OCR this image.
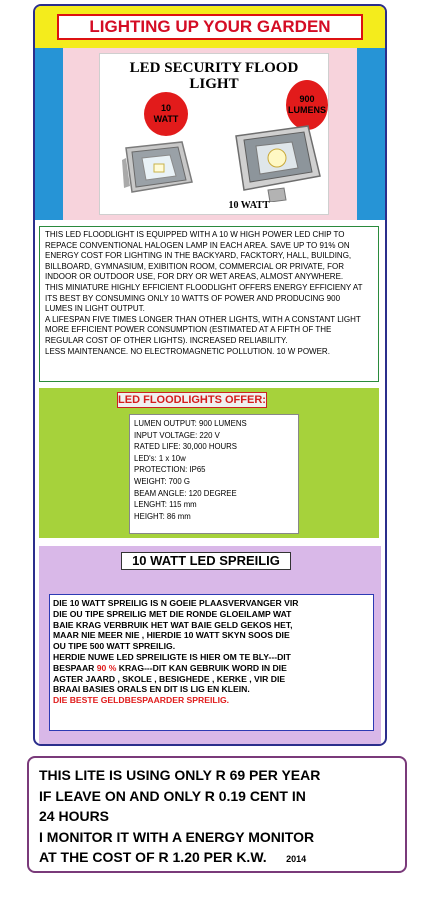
LIGHTING UP YOUR GARDEN
LED SECURITY FLOOD
LIGHT
10
WATT
900
LUMENS
10 WATT
THIS LED FLOODLIGHT IS EQUIPPED WITH A 10 W HIGH POWER LED CHIP TO
REPACE CONVENTIONAL HALOGEN LAMP IN EACH AREA. SAVE UP TO 91% ON
ENERGY COST FOR LIGHTING IN THE BACKYARD, FACKTORY, HALL, BUILDING,
BILLBOARD, GYMNASIUM, EXIBITION ROOM, COMMERCIAL OR PRIVATE, FOR
INDOOR OR OUTDOOR USE, FOR DRY OR WET AREAS, ALMOST ANYWHERE.
THIS MINIATURE HIGHLY EFFICIENT FLOODLIGHT OFFERS ENERGY EFFICIENY AT
ITS BEST BY CONSUMING ONLY 10 WATTS OF POWER AND PRODUCING 900
LUMES IN LIGHT OUTPUT.
A LIFESPAN FIVE TIMES LONGER THAN OTHER LIGHTS, WITH A CONSTANT LIGHT
MORE EFFICIENT POWER CONSUMPTION (ESTIMATED AT A FIFTH OF THE
REGULAR COST OF OTHER LIGHTS). INCREASED RELIABILITY.
LESS MAINTENANCE. NO ELECTROMAGNETIC POLLUTION. 10 W POWER.
LED FLOODLIGHTS OFFER:
LUMEN OUTPUT: 900 LUMENS
INPUT VOLTAGE: 220 V
RATED LIFE: 30,000 HOURS
LED's: 1 x 10w
PROTECTION: IP65
WEIGHT: 700 G
BEAM ANGLE: 120 DEGREE
LENGHT: 115 mm
HEIGHT: 86 mm
10 WATT LED SPREILIG
DIE 10 WATT SPREILIG IS N GOEIE PLAASVERVANGER VIR
DIE OU TIPE SPREILIG MET DIE RONDE GLOEILAMP WAT
BAIE KRAG VERBRUIK HET WAT BAIE GELD GEKOS HET,
MAAR NIE MEER NIE , HIERDIE 10 WATT SKYN SOOS DIE
OU TIPE 500 WATT SPREILIG.
HERDIE NUWE LED SPREILIGTE IS HIER OM TE BLY---DIT
BESPAAR 90 % KRAG---DIT KAN GEBRUIK WORD IN DIE
AGTER JAARD , SKOLE , BESIGHEDE , KERKE , VIR DIE
BRAAI BASIES ORALS EN DIT IS LIG EN KLEIN.
DIE BESTE GELDBESPAARDER SPREILIG.
THIS LITE IS USING ONLY R 69 PER YEAR
IF LEAVE ON AND ONLY R 0.19 CENT IN
24 HOURS
I MONITOR IT WITH A ENERGY MONITOR
AT THE COST OF R 1.20 PER K.W. 2014
